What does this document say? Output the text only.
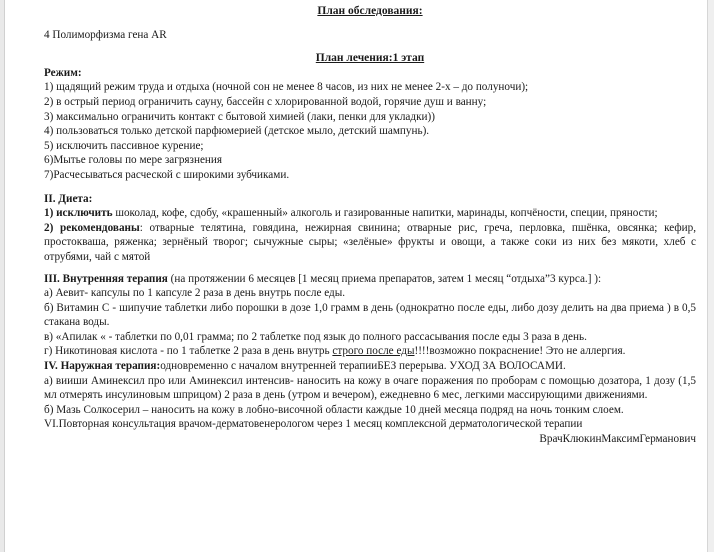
План обследования:
4 Полиморфизма гена AR
План лечения:1 этап
Режим:
1) щадящий режим труда и отдыха (ночной сон не менее 8 часов, из них не менее 2-х – до полуночи);
2) в острый период ограничить сауну, бассейн с хлорированной водой, горячие душ и ванну;
3) максимально ограничить контакт с бытовой химией (лаки, пенки для укладки))
4) пользоваться только детской парфюмерией (детское мыло, детский шампунь).
5) исключить пассивное курение;
6)Мытье головы по мере загрязнения
7)Расчесываться расческой с широкими зубчиками.
II. Диета:
1) исключить шоколад, кофе, сдобу, «крашенный» алкоголь и газированные напитки, маринады, копчёности, специи, пряности;
2) рекомендованы: отварные телятина, говядина, нежирная свинина; отварные рис, греча, перловка, пшёнка, овсянка; кефир, простокваша, ряженка; зернёный творог; сычужные сыры; «зелёные» фрукты и овощи, а также соки из них без мякоти, хлеб с отрубями, чай с мятой
III. Внутренняя терапия (на протяжении 6 месяцев [1 месяц приема препаратов, затем 1 месяц “отдыха”3 курса.] ):
а) Аевит- капсулы по 1 капсуле 2 раза в день внутрь после еды.
б) Витамин С - шипучие таблетки либо порошки в дозе 1,0 грамм в день (однократно после еды, либо дозу делить на два приема ) в 0,5 стакана воды.
в) «Апилак « - таблетки по 0,01 грамма; по 2 таблетке под язык до полного рассасывания после еды 3 раза в день.
г) Никотиновая кислота - по 1 таблетке 2 раза в день внутрь строго после еды!!!!возможно покраснение! Это не аллергия.
IV. Наружная терапия:одновременно с началом внутренней терапииБЕЗ перерыва. УХОД ЗА ВОЛОСАМИ.
а) вииши Аминексил про или Аминексил интенсив- наносить на кожу в очаге поражения по проборам с помощью дозатора, 1 дозу (1,5 мл отмерять инсулиновым шприцом) 2 раза в день (утром и вечером), ежедневно 6 мес, легкими массирующими движениями.
б) Мазь Солкосерил – наносить на кожу в лобно-височной области каждые 10 дней месяца подряд на ночь тонким слоем.
VI.Повторная консультация врачом-дерматовенерологом через 1 месяц комплексной дерматологической терапии
ВрачКлюкинМаксимГерманович
